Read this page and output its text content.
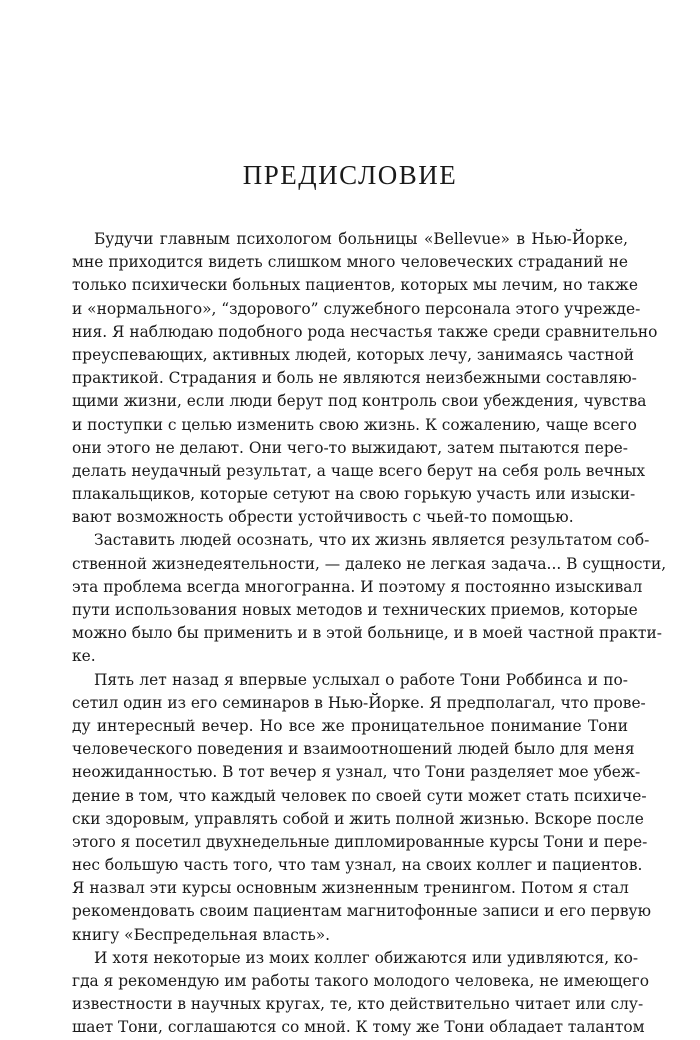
ПРЕДИСЛОВИЕ
Будучи главным психологом больницы «Bellevue» в Нью-Йорке,
мне приходится видеть слишком много человеческих страданий не
только психически больных пациентов, которых мы лечим, но также
и «нормального», “здорового” служебного персонала этого учрежде-
ния. Я наблюдаю подобного рода несчастья также среди сравнительно
преуспевающих, активных людей, которых лечу, занимаясь частной
практикой. Страдания и боль не являются неизбежными составляю-
щими жизни, если люди берут под контроль свои убеждения, чувства
и поступки с целью изменить свою жизнь. К сожалению, чаще всего
они этого не делают. Они чего-то выжидают, затем пытаются пере-
делать неудачный результат, а чаще всего берут на себя роль вечных
плакальщиков, которые сетуют на свою горькую участь или изыски-
вают возможность обрести устойчивость с чьей-то помощью.
Заставить людей осознать, что их жизнь является результатом соб-
ственной жизнедеятельности, — далеко не легкая задача... В сущности,
эта проблема всегда многогранна. И поэтому я постоянно изыскивал
пути использования новых методов и технических приемов, которые
можно было бы применить и в этой больнице, и в моей частной практи-
ке.
Пять лет назад я впервые услыхал о работе Тони Роббинса и по-
сетил один из его семинаров в Нью-Йорке. Я предполагал, что прове-
ду интересный вечер. Но все же проницательное понимание Тони
человеческого поведения и взаимоотношений людей было для меня
неожиданностью. В тот вечер я узнал, что Тони разделяет мое убеж-
дение в том, что каждый человек по своей сути может стать психиче-
ски здоровым, управлять собой и жить полной жизнью. Вскоре после
этого я посетил двухнедельные дипломированные курсы Тони и пере-
нес большую часть того, что там узнал, на своих коллег и пациентов.
Я назвал эти курсы основным жизненным тренингом. Потом я стал
рекомендовать своим пациентам магнитофонные записи и его первую
книгу «Беспредельная власть».
И хотя некоторые из моих коллег обижаются или удивляются, ко-
гда я рекомендую им работы такого молодого человека, не имеющего
известности в научных кругах, те, кто действительно читает или слу-
шает Тони, соглашаются со мной. К тому же Тони обладает талантом
